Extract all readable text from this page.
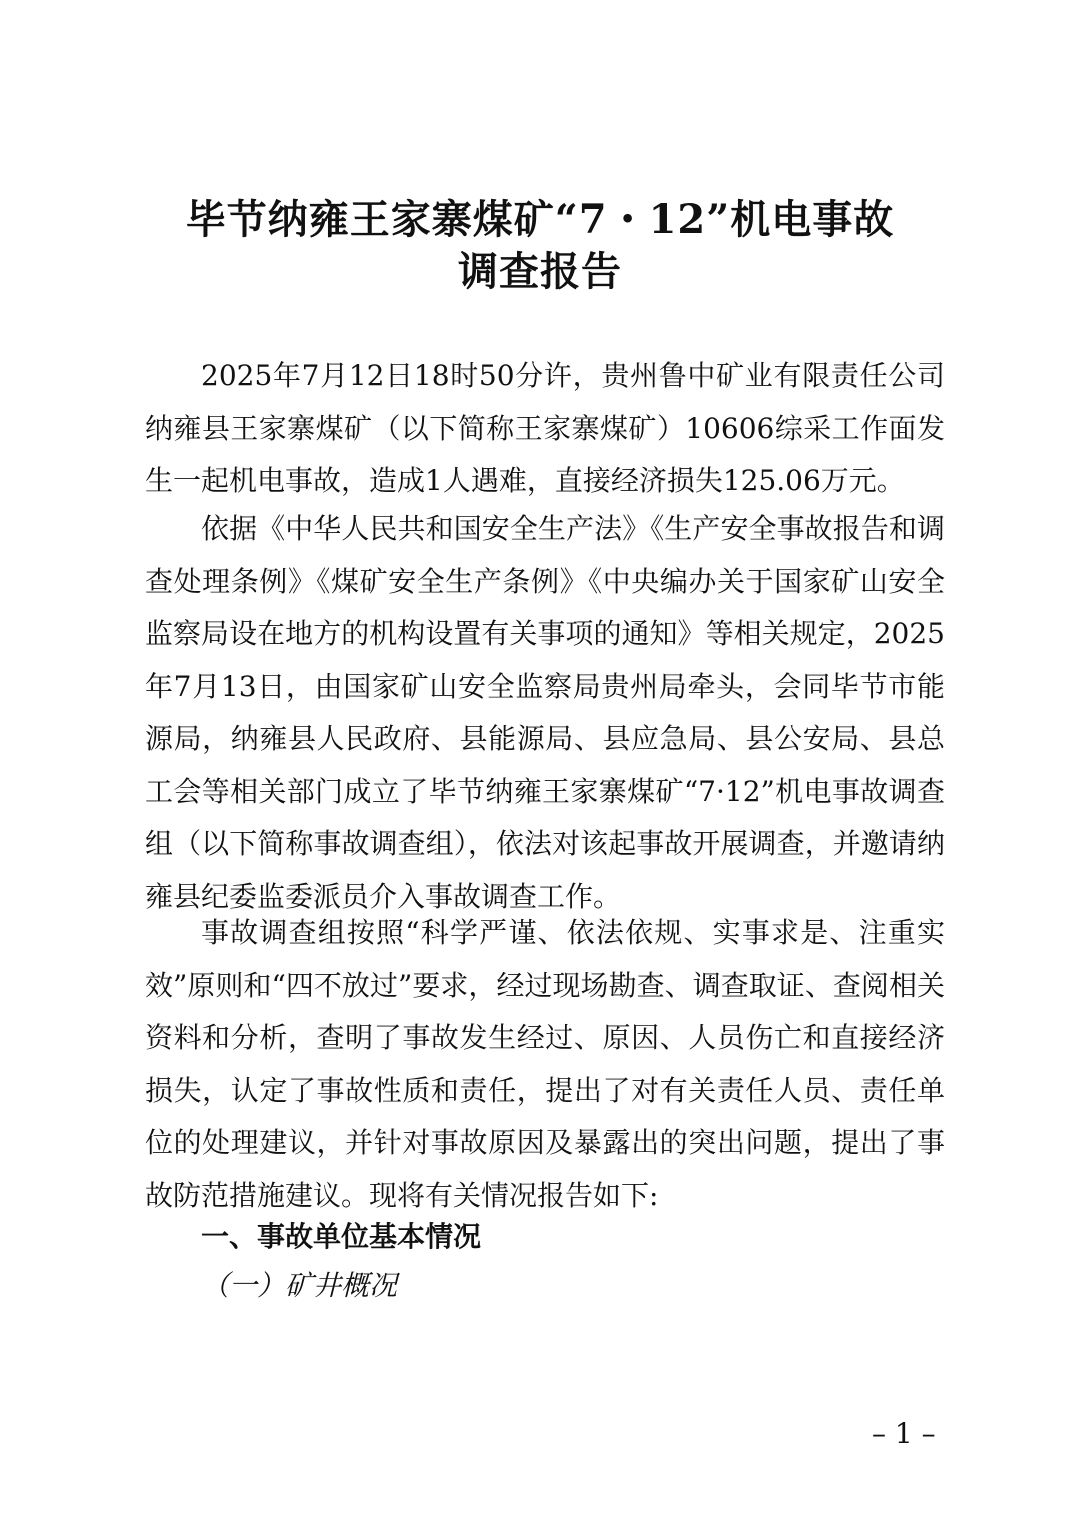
毕节纳雍王家寨煤矿“7・12”机电事故
调查报告

2025年7月12日18时50分许，贵州鲁中矿业有限责任公司纳雍县王家寨煤矿（以下简称王家寨煤矿）10606综采工作面发生一起机电事故，造成1人遇难，直接经济损失125.06万元。

依据《中华人民共和国安全生产法》《生产安全事故报告和调查处理条例》《煤矿安全生产条例》《中央编办关于国家矿山安全监察局设在地方的机构设置有关事项的通知》等相关规定，2025年7月13日，由国家矿山安全监察局贵州局牵头，会同毕节市能源局，纳雍县人民政府、县能源局、县应急局、县公安局、县总工会等相关部门成立了毕节纳雍王家寨煤矿“7·12”机电事故调查组（以下简称事故调查组），依法对该起事故开展调查，并邀请纳雍县纪委监委派员介入事故调查工作。

事故调查组按照“科学严谨、依法依规、实事求是、注重实效”原则和“四不放过”要求，经过现场勘查、调查取证、查阅相关资料和分析，查明了事故发生经过、原因、人员伤亡和直接经济损失，认定了事故性质和责任，提出了对有关责任人员、责任单位的处理建议，并针对事故原因及暴露出的突出问题，提出了事故防范措施建议。现将有关情况报告如下:

一、事故单位基本情况
（一）矿井概况
– 1 –
